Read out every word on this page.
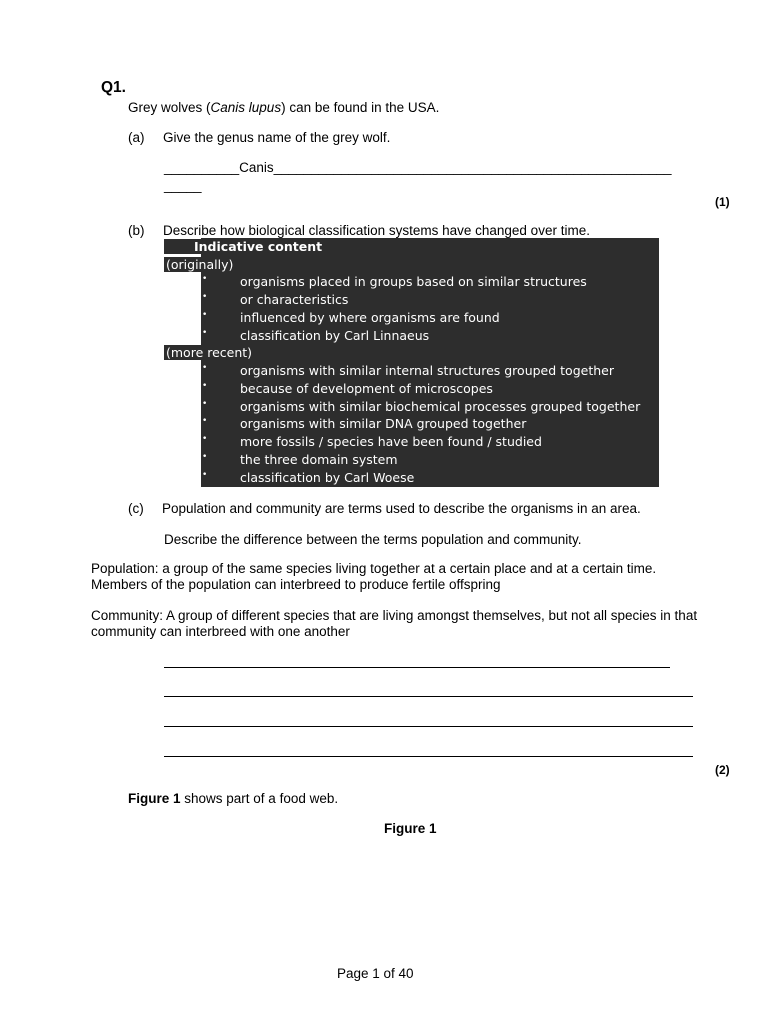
Q1.
Grey wolves (Canis lupus) can be found in the USA.
(a) Give the genus name of the grey wolf.
__________Canis_____________________________________________________
_____
(1)
(b) Describe how biological classification systems have changed over time.
Indicative content
(originally)
•	organisms placed in groups based on similar structures
•	or characteristics
•	influenced by where organisms are found
•	classification by Carl Linnaeus
(more recent)
•	organisms with similar internal structures grouped together
•	because of development of microscopes
•	organisms with similar biochemical processes grouped together
•	organisms with similar DNA grouped together
•	more fossils / species have been found / studied
•	the three domain system
•	classification by Carl Woese
(c) Population and community are terms used to describe the organisms in an area.
Describe the difference between the terms population and community.
Population: a group of the same species living together at a certain place and at a certain time.
Members of the population can interbreed to produce fertile offspring
Community: A group of different species that are living amongst themselves, but not all species in that
community can interbreed with one another
(2)
Figure 1 shows part of a food web.
Figure 1
Page 1 of 40
